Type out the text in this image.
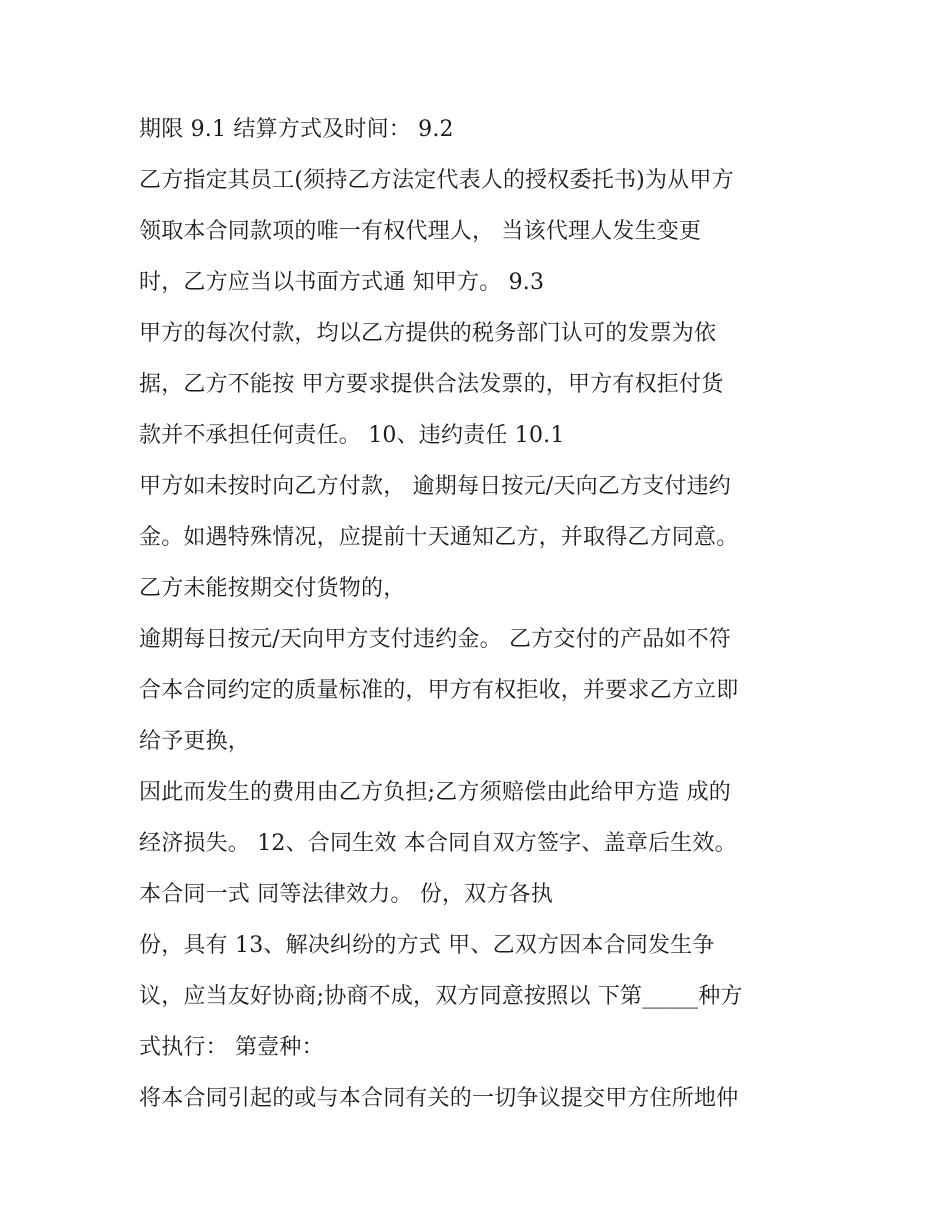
期限 9.1 结算方式及时间： 9.2
乙方指定其员工(须持乙方法定代表人的授权委托书)为从甲方
领取本合同款项的唯一有权代理人， 当该代理人发生变更
时，乙方应当以书面方式通 知甲方。 9.3
甲方的每次付款，均以乙方提供的税务部门认可的发票为依
据，乙方不能按 甲方要求提供合法发票的，甲方有权拒付货
款并不承担任何责任。 10、违约责任 10.1
甲方如未按时向乙方付款， 逾期每日按元/天向乙方支付违约
金。如遇特殊情况，应提前十天通知乙方，并取得乙方同意。
乙方未能按期交付货物的，
逾期每日按元/天向甲方支付违约金。 乙方交付的产品如不符
合本合同约定的质量标准的，甲方有权拒收，并要求乙方立即
给予更换，
因此而发生的费用由乙方负担;乙方须赔偿由此给甲方造 成的
经济损失。 12、合同生效 本合同自双方签字、盖章后生效。
本合同一式 同等法律效力。 份，双方各执
份，具有 13、解决纠纷的方式 甲、乙双方因本合同发生争
议，应当友好协商;协商不成，双方同意按照以 下第_____种方
式执行： 第壹种：
将本合同引起的或与本合同有关的一切争议提交甲方住所地仲
